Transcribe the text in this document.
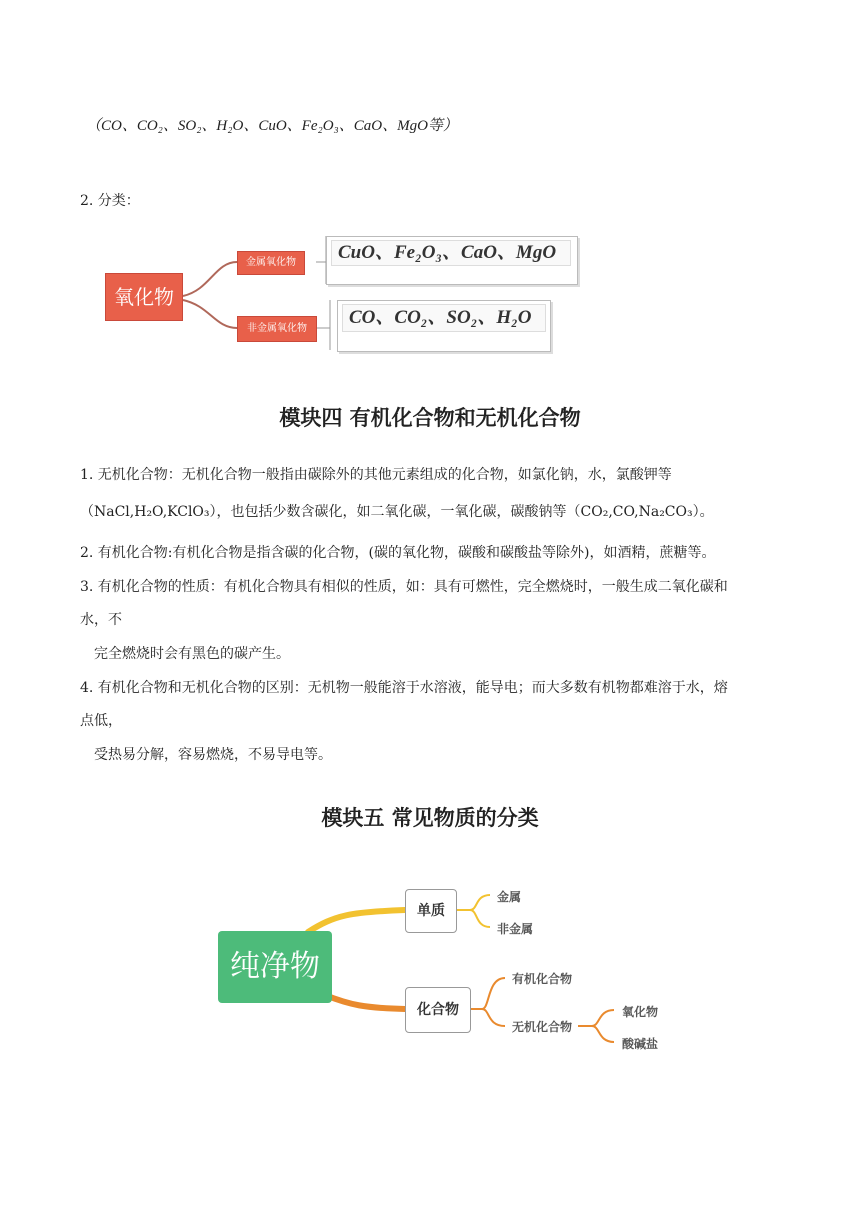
（CO、CO₂、SO₂、H₂O、CuO、Fe₂O₃、CaO、MgO等）
2. 分类：
氧化物
金属氧化物
非金属氧化物
CuO、Fe₂O₃、CaO、MgO
CO、CO₂、SO₂、H₂O
模块四 有机化合物和无机化合物
1. 无机化合物：无机化合物一般指由碳除外的其他元素组成的化合物，如氯化钠，水，氯酸钾等
（NaCl,H₂O,KClO₃），也包括少数含碳化，如二氧化碳，一氧化碳，碳酸钠等（CO₂,CO,Na₂CO₃）。
2. 有机化合物:有机化合物是指含碳的化合物，(碳的氧化物，碳酸和碳酸盐等除外)，如酒精，蔗糖等。
3. 有机化合物的性质：有机化合物具有相似的性质，如：具有可燃性，完全燃烧时，一般生成二氧化碳和
水，不
完全燃烧时会有黑色的碳产生。
4. 有机化合物和无机化合物的区别：无机物一般能溶于水溶液，能导电；而大多数有机物都难溶于水，熔
点低，
受热易分解，容易燃烧，不易导电等。
模块五 常见物质的分类
纯净物
单质
金属
非金属
化合物
有机化合物
无机化合物
氧化物
酸碱盐
